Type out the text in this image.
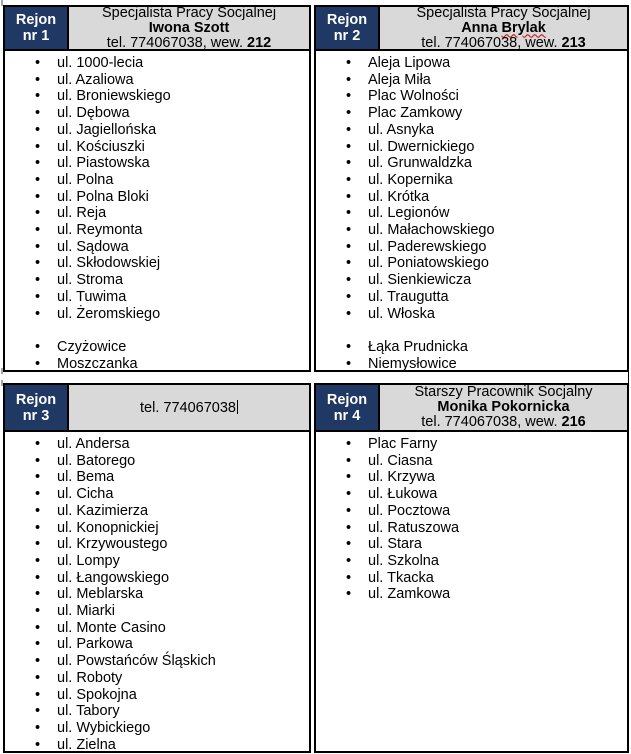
Rejon
nr 1
Specjalista Pracy Socjalnej
Iwona Szott
tel. 774067038, wew. 212
• ul. 1000-lecia
• ul. Azaliowa
• ul. Broniewskiego
• ul. Dębowa
• ul. Jagiellońska
• ul. Kościuszki
• ul. Piastowska
• ul. Polna
• ul. Polna Bloki
• ul. Reja
• ul. Reymonta
• ul. Sądowa
• ul. Skłodowskiej
• ul. Stroma
• ul. Tuwima
• ul. Żeromskiego
• Czyżowice
• Moszczanka
Rejon
nr 2
Specjalista Pracy Socjalnej
Anna Brylak
tel. 774067038, wew. 213
• Aleja Lipowa
• Aleja Miła
• Plac Wolności
• Plac Zamkowy
• ul. Asnyka
• ul. Dwernickiego
• ul. Grunwaldzka
• ul. Kopernika
• ul. Krótka
• ul. Legionów
• ul. Małachowskiego
• ul. Paderewskiego
• ul. Poniatowskiego
• ul. Sienkiewicza
• ul. Traugutta
• ul. Włoska
• Łąka Prudnicka
• Niemysłowice
Rejon
nr 3	tel. 774067038
• ul. Andersa
• ul. Batorego
• ul. Bema
• ul. Cicha
• ul. Kazimierza
• ul. Konopnickiej
• ul. Krzywoustego
• ul. Lompy
• ul. Łangowskiego
• ul. Meblarska
• ul. Miarki
• ul. Monte Casino
• ul. Parkowa
• ul. Powstańców Śląskich
• ul. Roboty
• ul. Spokojna
• ul. Tabory
• ul. Wybickiego
• ul. Zielna
Rejon
nr 4
Starszy Pracownik Socjalny
Monika Pokornicka
tel. 774067038, wew. 216
• Plac Farny
• ul. Ciasna
• ul. Krzywa
• ul. Łukowa
• ul. Pocztowa
• ul. Ratuszowa
• ul. Stara
• ul. Szkolna
• ul. Tkacka
• ul. Zamkowa
